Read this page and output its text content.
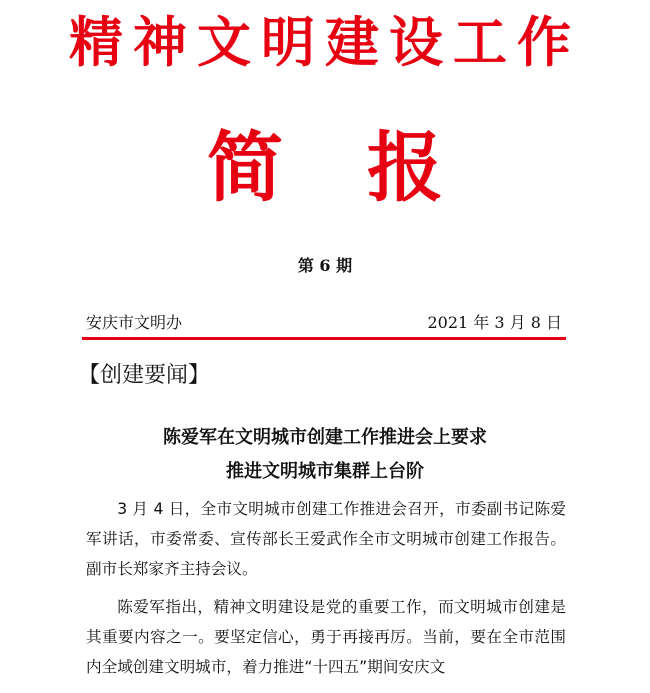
精神文明建设工作
简报
第 6 期
安庆市文明办	2021 年 3 月 8 日
【创建要闻】
陈爱军在文明城市创建工作推进会上要求
推进文明城市集群上台阶

3 月 4 日，全市文明城市创建工作推进会召开，市委副书记陈爱军讲话，市委常委、宣传部长王爱武作全市文明城市创建工作报告。副市长郑家齐主持会议。

陈爱军指出，精神文明建设是党的重要工作，而文明城市创建是其重要内容之一。要坚定信心，勇于再接再厉。当前，要在全市范围内全域创建文明城市，着力推进“十四五”期间安庆文
